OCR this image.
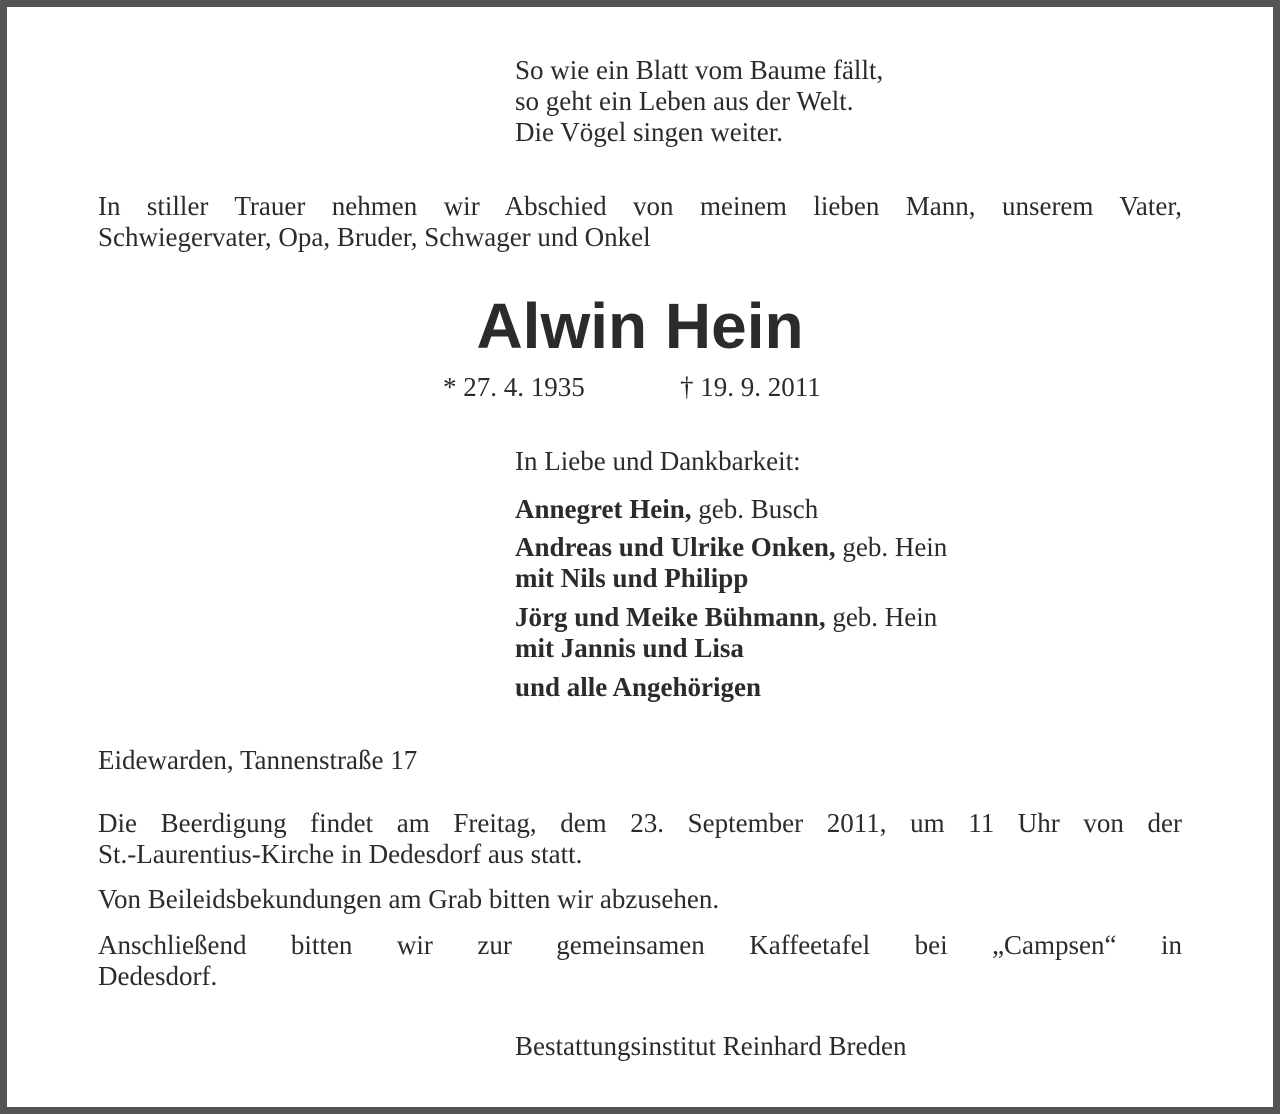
So wie ein Blatt vom Baume fällt,
so geht ein Leben aus der Welt.
Die Vögel singen weiter.
In stiller Trauer nehmen wir Abschied von meinem lieben Mann, unserem Vater,
Schwiegervater, Opa, Bruder, Schwager und Onkel
Alwin Hein
* 27. 4. 1935	† 19. 9. 2011
In Liebe und Dankbarkeit:
Annegret Hein, geb. Busch
Andreas und Ulrike Onken, geb. Hein
mit Nils und Philipp
Jörg und Meike Bühmann, geb. Hein
mit Jannis und Lisa
und alle Angehörigen
Eidewarden, Tannenstraße 17
Die Beerdigung findet am Freitag, dem 23. September 2011, um 11 Uhr von der
St.-Laurentius-Kirche in Dedesdorf aus statt.
Von Beileidsbekundungen am Grab bitten wir abzusehen.
Anschließend bitten wir zur gemeinsamen Kaffeetafel bei „Campsen“ in
Dedesdorf.
Bestattungsinstitut Reinhard Breden
